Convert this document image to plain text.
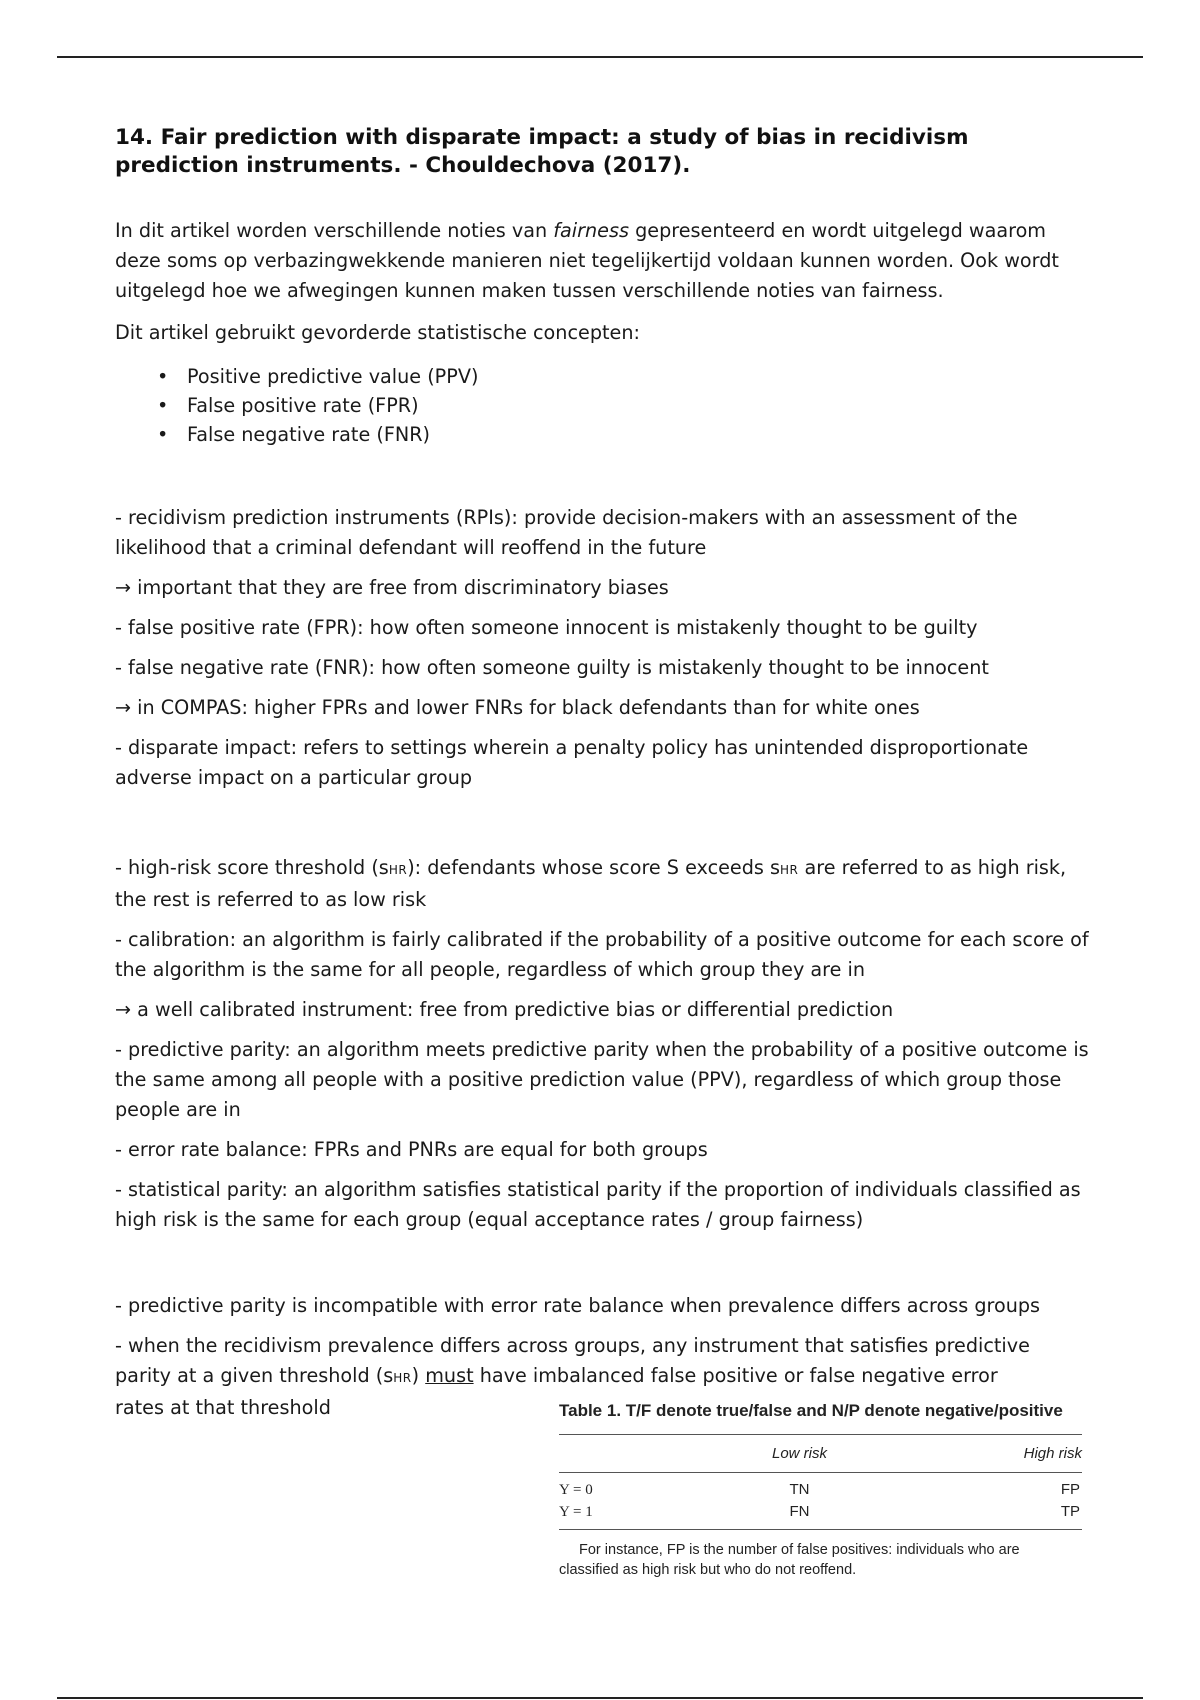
14. Fair prediction with disparate impact: a study of bias in recidivism prediction instruments. - Chouldechova (2017).

In dit artikel worden verschillende noties van fairness gepresenteerd en wordt uitgelegd waarom deze soms op verbazingwekkende manieren niet tegelijkertijd voldaan kunnen worden. Ook wordt uitgelegd hoe we afwegingen kunnen maken tussen verschillende noties van fairness.

Dit artikel gebruikt gevorderde statistische concepten:

• Positive predictive value (PPV)
• False positive rate (FPR)
• False negative rate (FNR)

- recidivism prediction instruments (RPIs): provide decision-makers with an assessment of the likelihood that a criminal defendant will reoffend in the future

→ important that they are free from discriminatory biases

- false positive rate (FPR): how often someone innocent is mistakenly thought to be guilty

- false negative rate (FNR): how often someone guilty is mistakenly thought to be innocent

→ in COMPAS: higher FPRs and lower FNRs for black defendants than for white ones

- disparate impact: refers to settings wherein a penalty policy has unintended disproportionate adverse impact on a particular group

- high-risk score threshold (sHR): defendants whose score S exceeds sHR are referred to as high risk, the rest is referred to as low risk

- calibration: an algorithm is fairly calibrated if the probability of a positive outcome for each score of the algorithm is the same for all people, regardless of which group they are in

→ a well calibrated instrument: free from predictive bias or differential prediction

- predictive parity: an algorithm meets predictive parity when the probability of a positive outcome is the same among all people with a positive prediction value (PPV), regardless of which group those people are in

- error rate balance: FPRs and PNRs are equal for both groups

- statistical parity: an algorithm satisfies statistical parity if the proportion of individuals classified as high risk is the same for each group (equal acceptance rates / group fairness)

- predictive parity is incompatible with error rate balance when prevalence differs across groups

- when the recidivism prevalence differs across groups, any instrument that satisfies predictive parity at a given threshold (sHR) must have imbalanced false positive or false negative error

rates at that threshold	Table 1. T/F denote true/false and N/P denote negative/positive
	Low risk	High risk
Y = 0	TN	FP
Y = 1	FN	TP
For instance, FP is the number of false positives: individuals who are classified as high risk but who do not reoffend.
